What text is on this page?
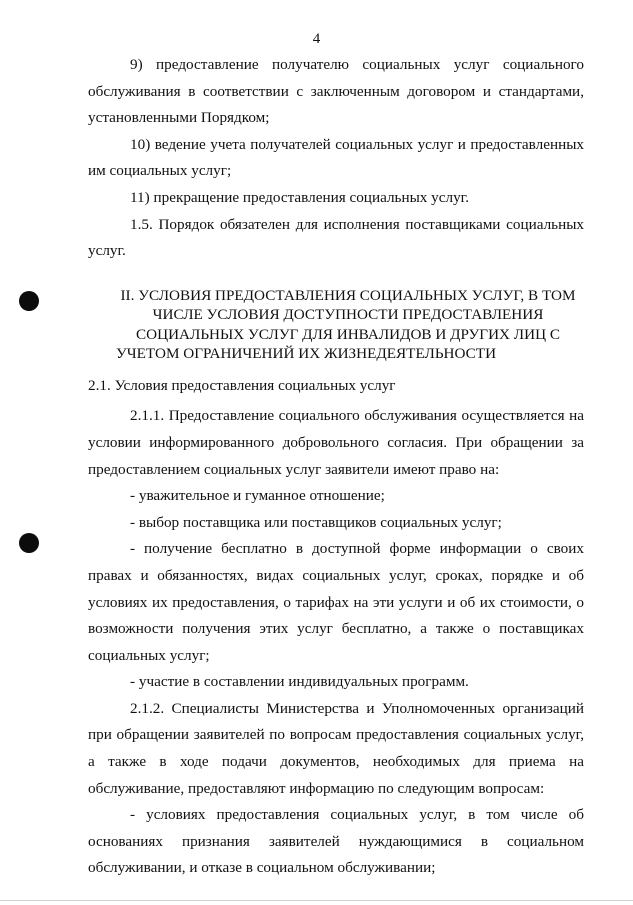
4

9) предоставление получателю социальных услуг социального обслуживания в соответствии с заключенным договором и стандартами, установленными Порядком;

10) ведение учета получателей социальных услуг и предоставленных им социальных услуг;

11) прекращение предоставления социальных услуг.

1.5. Порядок обязателен для исполнения поставщиками социальных услуг.

II. УСЛОВИЯ ПРЕДОСТАВЛЕНИЯ СОЦИАЛЬНЫХ УСЛУГ, В ТОМ ЧИСЛЕ УСЛОВИЯ ДОСТУПНОСТИ ПРЕДОСТАВЛЕНИЯ СОЦИАЛЬНЫХ УСЛУГ ДЛЯ ИНВАЛИДОВ И ДРУГИХ ЛИЦ С УЧЕТОМ ОГРАНИЧЕНИЙ ИХ ЖИЗНЕДЕЯТЕЛЬНОСТИ

2.1. Условия предоставления социальных услуг

2.1.1. Предоставление социального обслуживания осуществляется на условии информированного добровольного согласия. При обращении за предоставлением социальных услуг заявители имеют право на:

- уважительное и гуманное отношение;

- выбор поставщика или поставщиков социальных услуг;

- получение бесплатно в доступной форме информации о своих правах и обязанностях, видах социальных услуг, сроках, порядке и об условиях их предоставления, о тарифах на эти услуги и об их стоимости, о возможности получения этих услуг бесплатно, а также о поставщиках социальных услуг;

- участие в составлении индивидуальных программ.

2.1.2. Специалисты Министерства и Уполномоченных организаций при обращении заявителей по вопросам предоставления социальных услуг, а также в ходе подачи документов, необходимых для приема на обслуживание, предоставляют информацию по следующим вопросам:

- условиях предоставления социальных услуг, в том числе об основаниях признания заявителей нуждающимися в социальном обслуживании, и отказе в социальном обслуживании;
